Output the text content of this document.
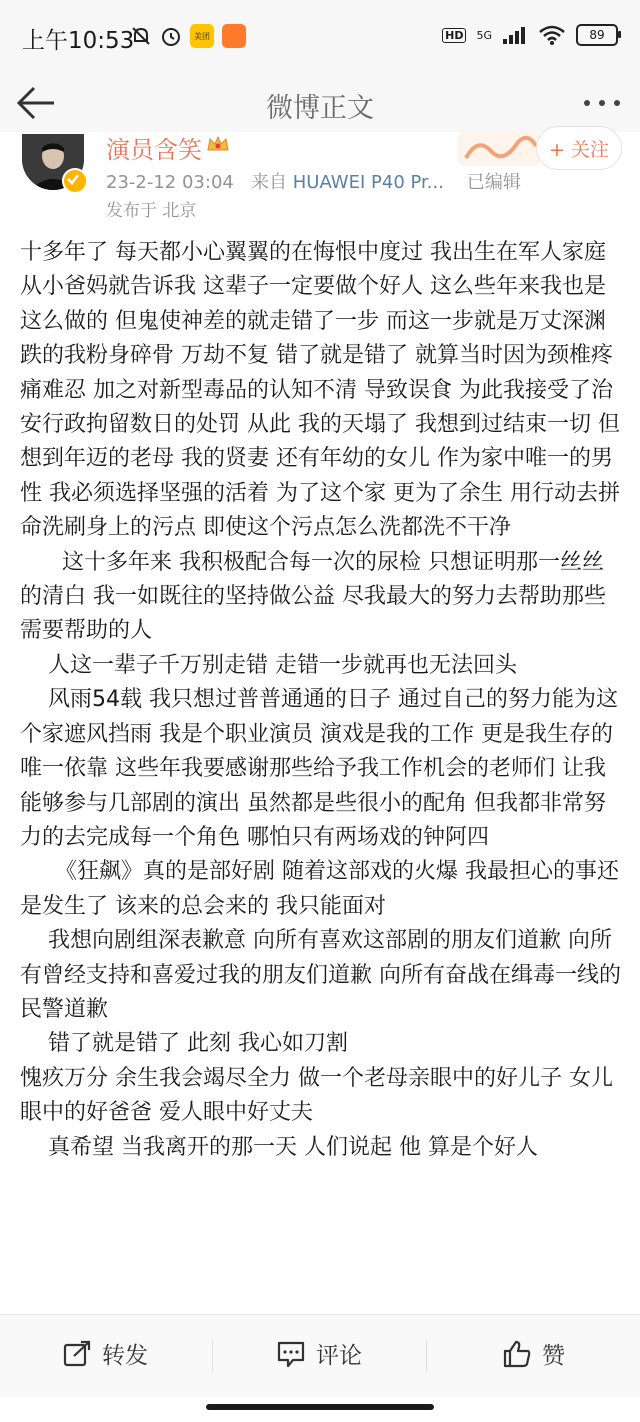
上午10:53	美团	HD 5G	89
微博正文
演员含笑
23-2-12 03:04 来自 HUAWEI P40 Pr... 已编辑
发布于 北京
+ 关注
十多年了 每天都小心翼翼的在悔恨中度过 我出生在军人家庭 从小爸妈就告诉我 这辈子一定要做个好人 这么些年来我也是这么做的 但鬼使神差的就走错了一步 而这一步就是万丈深渊 跌的我粉身碎骨 万劫不复 错了就是错了 就算当时因为颈椎疼痛难忍 加之对新型毒品的认知不清 导致误食 为此我接受了治安行政拘留数日的处罚 从此 我的天塌了 我想到过结束一切 但想到年迈的老母 我的贤妻 还有年幼的女儿 作为家中唯一的男性 我必须选择坚强的活着 为了这个家 更为了余生 用行动去拼命洗刷身上的污点 即使这个污点怎么洗都洗不干净
这十多年来 我积极配合每一次的尿检 只想证明那一丝丝的清白 我一如既往的坚持做公益 尽我最大的努力去帮助那些需要帮助的人
人这一辈子千万别走错 走错一步就再也无法回头
风雨54载 我只想过普普通通的日子 通过自己的努力能为这个家遮风挡雨 我是个职业演员 演戏是我的工作 更是我生存的唯一依靠 这些年我要感谢那些给予我工作机会的老师们 让我能够参与几部剧的演出 虽然都是些很小的配角 但我都非常努力的去完成每一个角色 哪怕只有两场戏的钟阿四
《狂飙》真的是部好剧 随着这部戏的火爆 我最担心的事还是发生了 该来的总会来的 我只能面对
我想向剧组深表歉意 向所有喜欢这部剧的朋友们道歉 向所有曾经支持和喜爱过我的朋友们道歉 向所有奋战在缉毒一线的民警道歉
错了就是错了 此刻 我心如刀割
愧疚万分 余生我会竭尽全力 做一个老母亲眼中的好儿子 女儿眼中的好爸爸 爱人眼中好丈夫
真希望 当我离开的那一天 人们说起 他 算是个好人
转发	评论	赞
